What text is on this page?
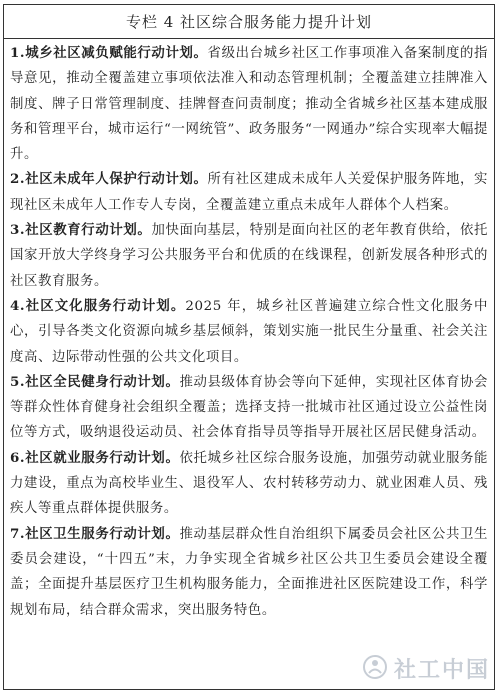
专栏 4 社区综合服务能力提升计划
1.城乡社区减负赋能行动计划。省级出台城乡社区工作事项准入备案制度的指导意见，推动全覆盖建立事项依法准入和动态管理机制；全覆盖建立挂牌准入制度、牌子日常管理制度、挂牌督查问责制度；推动全省城乡社区基本建成服务和管理平台，城市运行“一网统管”、政务服务“一网通办”综合实现率大幅提升。
2.社区未成年人保护行动计划。所有社区建成未成年人关爱保护服务阵地，实现社区未成年人工作专人专岗，全覆盖建立重点未成年人群体个人档案。
3.社区教育行动计划。加快面向基层，特别是面向社区的老年教育供给，依托国家开放大学终身学习公共服务平台和优质的在线课程，创新发展各种形式的社区教育服务。
4.社区文化服务行动计划。2025 年，城乡社区普遍建立综合性文化服务中心，引导各类文化资源向城乡基层倾斜，策划实施一批民生分量重、社会关注度高、边际带动性强的公共文化项目。
5.社区全民健身行动计划。推动县级体育协会等向下延伸，实现社区体育协会等群众性体育健身社会组织全覆盖；选择支持一批城市社区通过设立公益性岗位等方式，吸纳退役运动员、社会体育指导员等指导开展社区居民健身活动。
6.社区就业服务行动计划。依托城乡社区综合服务设施，加强劳动就业服务能力建设，重点为高校毕业生、退役军人、农村转移劳动力、就业困难人员、残疾人等重点群体提供服务。
7.社区卫生服务行动计划。推动基层群众性自治组织下属委员会社区公共卫生委员会建设，“十四五”末，力争实现全省城乡社区公共卫生委员会建设全覆盖；全面提升基层医疗卫生机构服务能力，全面推进社区医院建设工作，科学规划布局，结合群众需求，突出服务特色。
社工中国
